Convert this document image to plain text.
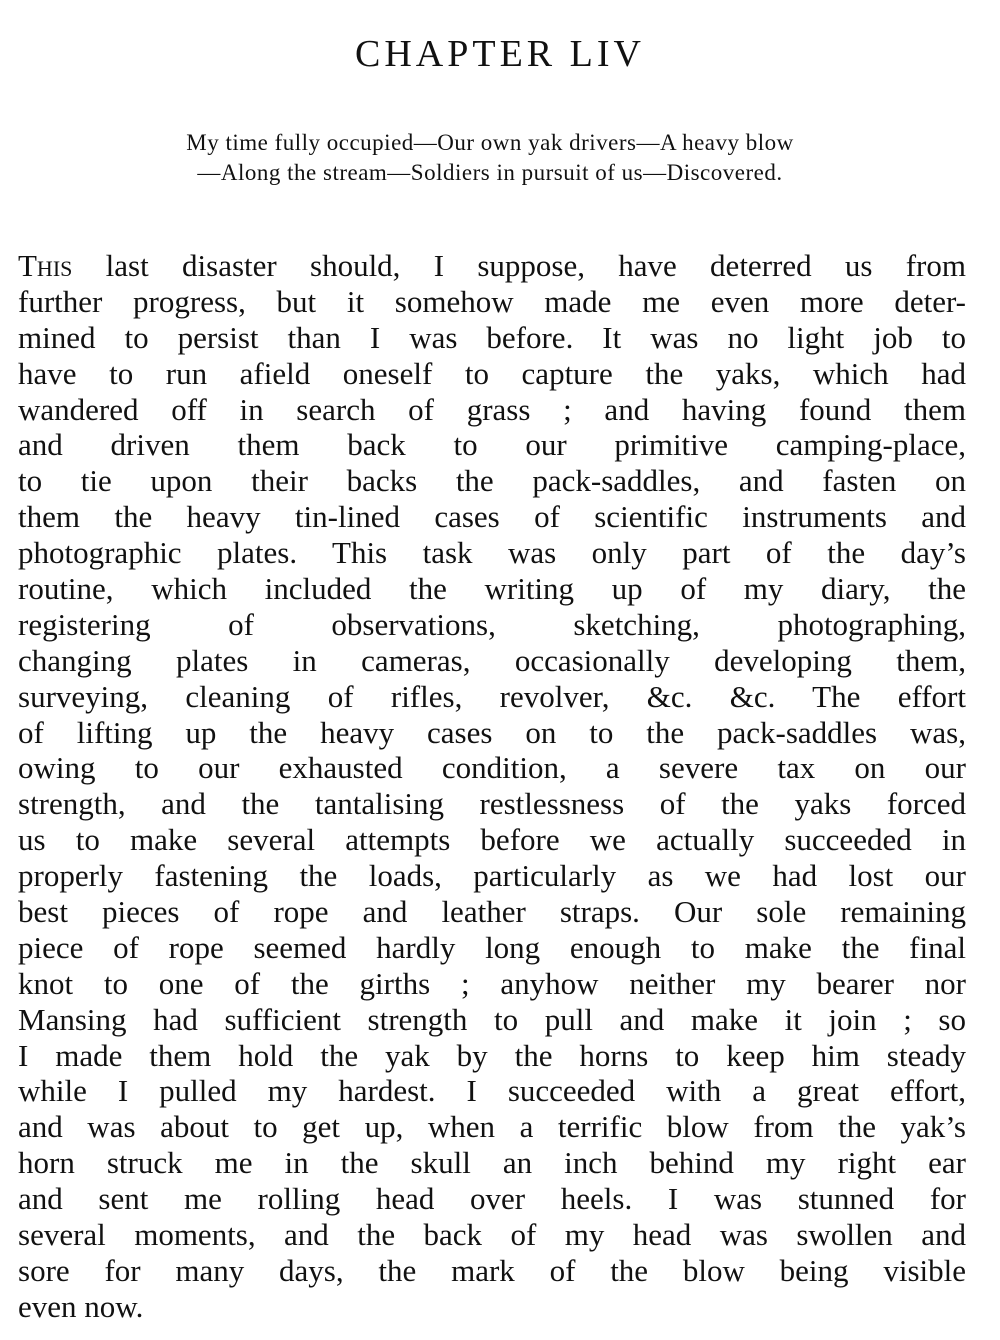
CHAPTER LIV
My time fully occupied—Our own yak drivers—A heavy blow
—Along the stream—Soldiers in pursuit of us—Discovered.
This last disaster should, I suppose, have deterred us from
further progress, but it somehow made me even more deter-
mined to persist than I was before. It was no light job to
have to run afield oneself to capture the yaks, which had
wandered off in search of grass ; and having found them
and driven them back to our primitive camping-place,
to tie upon their backs the pack-saddles, and fasten on
them the heavy tin-lined cases of scientific instruments and
photographic plates. This task was only part of the day’s
routine, which included the writing up of my diary, the
registering of observations, sketching, photographing,
changing plates in cameras, occasionally developing them,
surveying, cleaning of rifles, revolver, &c. &c. The effort
of lifting up the heavy cases on to the pack-saddles was,
owing to our exhausted condition, a severe tax on our
strength, and the tantalising restlessness of the yaks forced
us to make several attempts before we actually succeeded in
properly fastening the loads, particularly as we had lost our
best pieces of rope and leather straps. Our sole remaining
piece of rope seemed hardly long enough to make the final
knot to one of the girths ; anyhow neither my bearer nor
Mansing had sufficient strength to pull and make it join ; so
I made them hold the yak by the horns to keep him steady
while I pulled my hardest. I succeeded with a great effort,
and was about to get up, when a terrific blow from the yak’s
horn struck me in the skull an inch behind my right ear
and sent me rolling head over heels. I was stunned for
several moments, and the back of my head was swollen and
sore for many days, the mark of the blow being visible
even now.
